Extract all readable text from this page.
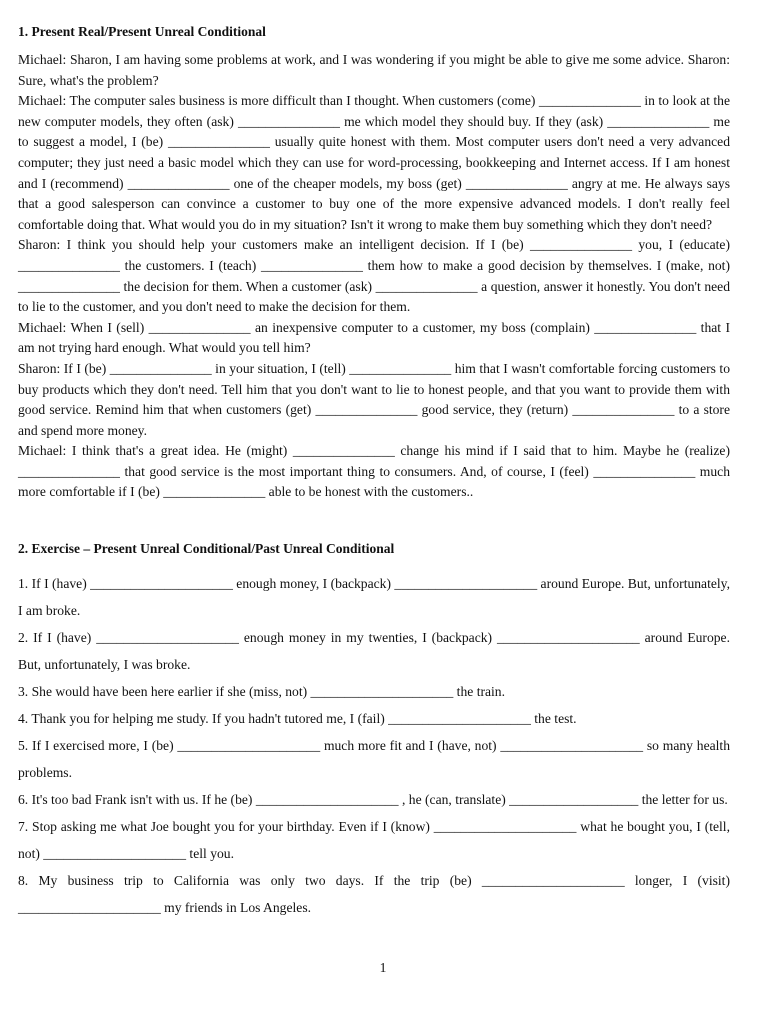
1. Present Real/Present Unreal Conditional

Michael: Sharon, I am having some problems at work, and I was wondering if you might be able to give me some advice. Sharon: Sure, what's the problem?

Michael: The computer sales business is more difficult than I thought. When customers (come) _______________ in to look at the new computer models, they often (ask) _______________ me which model they should buy. If they (ask) _______________ me to suggest a model, I (be) _______________ usually quite honest with them. Most computer users don't need a very advanced computer; they just need a basic model which they can use for word-processing, bookkeeping and Internet access. If I am honest and I (recommend) _______________ one of the cheaper models, my boss (get) _______________ angry at me. He always says that a good salesperson can convince a customer to buy one of the more expensive advanced models. I don't really feel comfortable doing that. What would you do in my situation? Isn't it wrong to make them buy something which they don't need?

Sharon: I think you should help your customers make an intelligent decision. If I (be) _______________ you, I (educate) _______________ the customers. I (teach) _______________ them how to make a good decision by themselves. I (make, not) _______________ the decision for them. When a customer (ask) _______________ a question, answer it honestly. You don't need to lie to the customer, and you don't need to make the decision for them.

Michael: When I (sell) _______________ an inexpensive computer to a customer, my boss (complain) _______________ that I am not trying hard enough. What would you tell him?

Sharon: If I (be) _______________ in your situation, I (tell) _______________ him that I wasn't comfortable forcing customers to buy products which they don't need. Tell him that you don't want to lie to honest people, and that you want to provide them with good service. Remind him that when customers (get) _______________ good service, they (return) _______________ to a store and spend more money.

Michael: I think that's a great idea. He (might) _______________ change his mind if I said that to him. Maybe he (realize) _______________ that good service is the most important thing to consumers. And, of course, I (feel) _______________ much more comfortable if I (be) _______________ able to be honest with the customers..

2. Exercise – Present Unreal Conditional/Past Unreal Conditional

1. If I (have) _____________________ enough money, I (backpack) _____________________ around Europe. But, unfortunately, I am broke.

2. If I (have) _____________________ enough money in my twenties, I (backpack) _____________________ around Europe. But, unfortunately, I was broke.

3. She would have been here earlier if she (miss, not) _____________________ the train.

4. Thank you for helping me study. If you hadn't tutored me, I (fail) _____________________ the test.

5. If I exercised more, I (be) _____________________ much more fit and I (have, not) _____________________ so many health problems.

6. It's too bad Frank isn't with us. If he (be) _____________________ , he (can, translate) ___________________ the letter for us.

7. Stop asking me what Joe bought you for your birthday. Even if I (know) _____________________ what he bought you, I (tell, not) _____________________ tell you.

8. My business trip to California was only two days. If the trip (be) _____________________ longer, I (visit) _____________________ my friends in Los Angeles.

1
